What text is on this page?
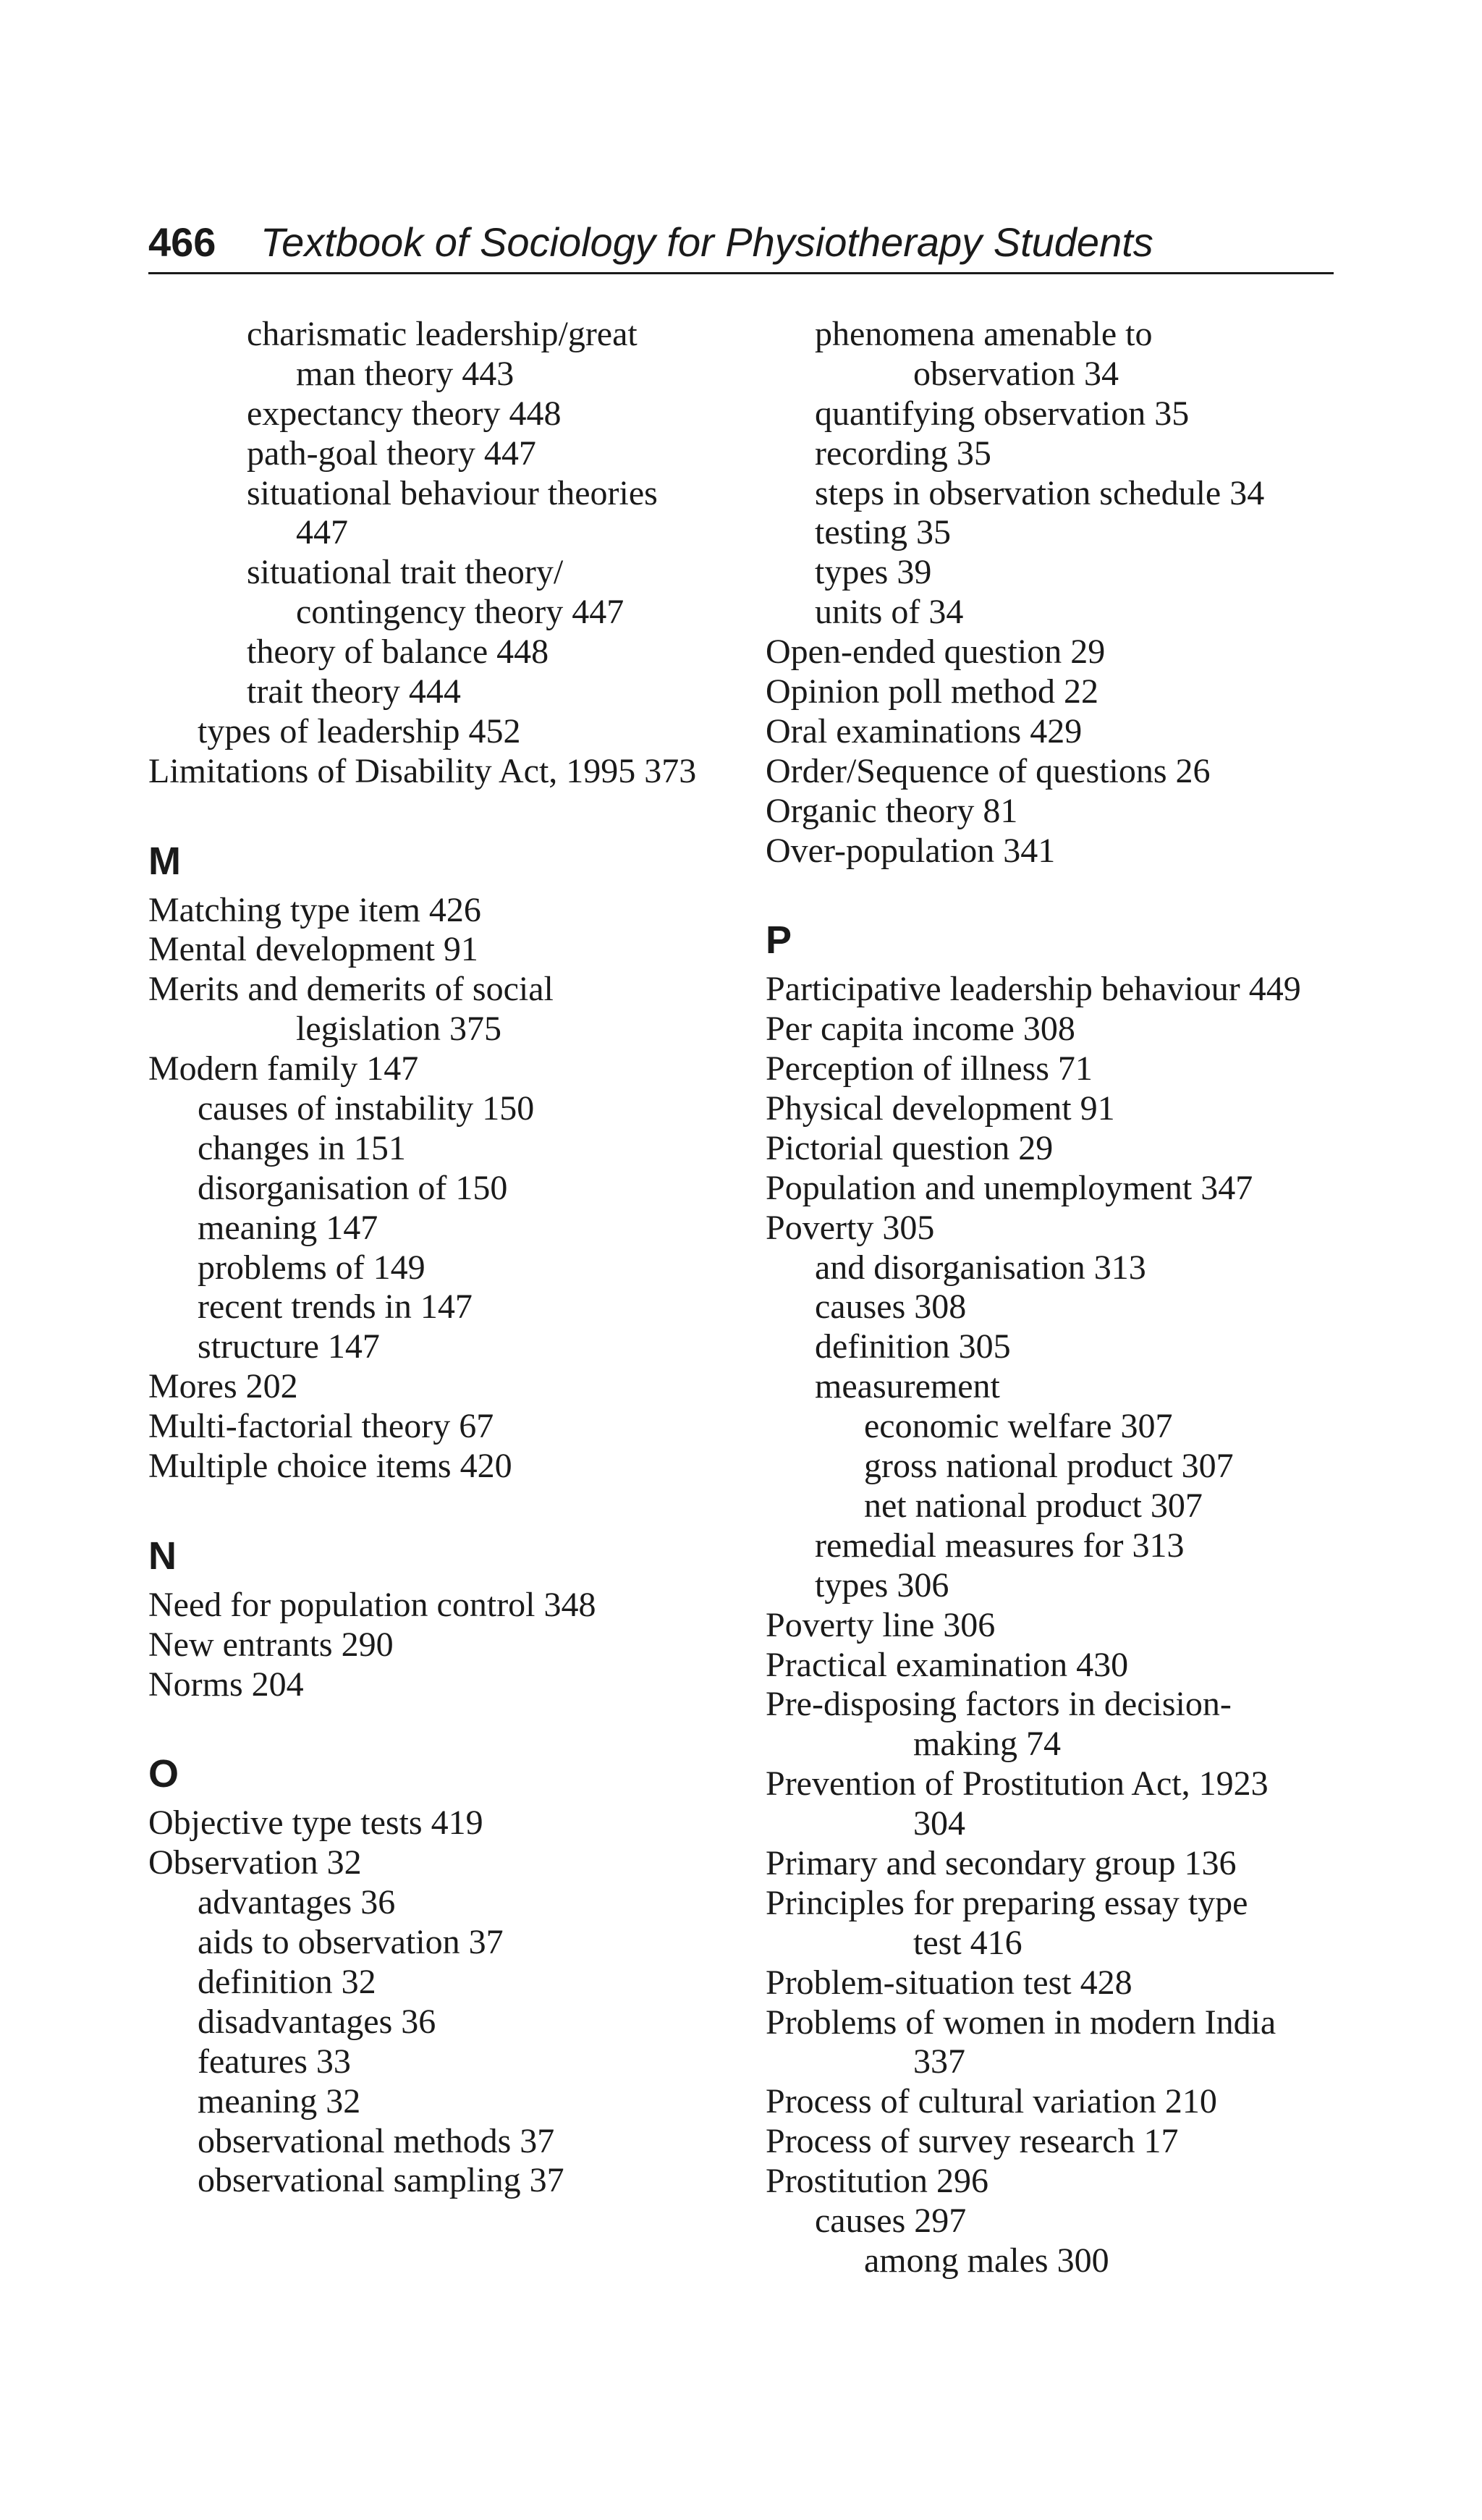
466 Textbook of Sociology for Physiotherapy Students
charismatic leadership/great
man theory 443
expectancy theory 448
path-goal theory 447
situational behaviour theories
447
situational trait theory/
contingency theory 447
theory of balance 448
trait theory 444
types of leadership 452
Limitations of Disability Act, 1995 373
M
Matching type item 426
Mental development 91
Merits and demerits of social
legislation 375
Modern family 147
causes of instability 150
changes in 151
disorganisation of 150
meaning 147
problems of 149
recent trends in 147
structure 147
Mores 202
Multi-factorial theory 67
Multiple choice items 420
N
Need for population control 348
New entrants 290
Norms 204
O
Objective type tests 419
Observation 32
advantages 36
aids to observation 37
definition 32
disadvantages 36
features 33
meaning 32
observational methods 37
observational sampling 37
phenomena amenable to
observation 34
quantifying observation 35
recording 35
steps in observation schedule 34
testing 35
types 39
units of 34
Open-ended question 29
Opinion poll method 22
Oral examinations 429
Order/Sequence of questions 26
Organic theory 81
Over-population 341
P
Participative leadership behaviour 449
Per capita income 308
Perception of illness 71
Physical development 91
Pictorial question 29
Population and unemployment 347
Poverty 305
and disorganisation 313
causes 308
definition 305
measurement
economic welfare 307
gross national product 307
net national product 307
remedial measures for 313
types 306
Poverty line 306
Practical examination 430
Pre-disposing factors in decision-
making 74
Prevention of Prostitution Act, 1923
304
Primary and secondary group 136
Principles for preparing essay type
test 416
Problem-situation test 428
Problems of women in modern India
337
Process of cultural variation 210
Process of survey research 17
Prostitution 296
causes 297
among males 300
